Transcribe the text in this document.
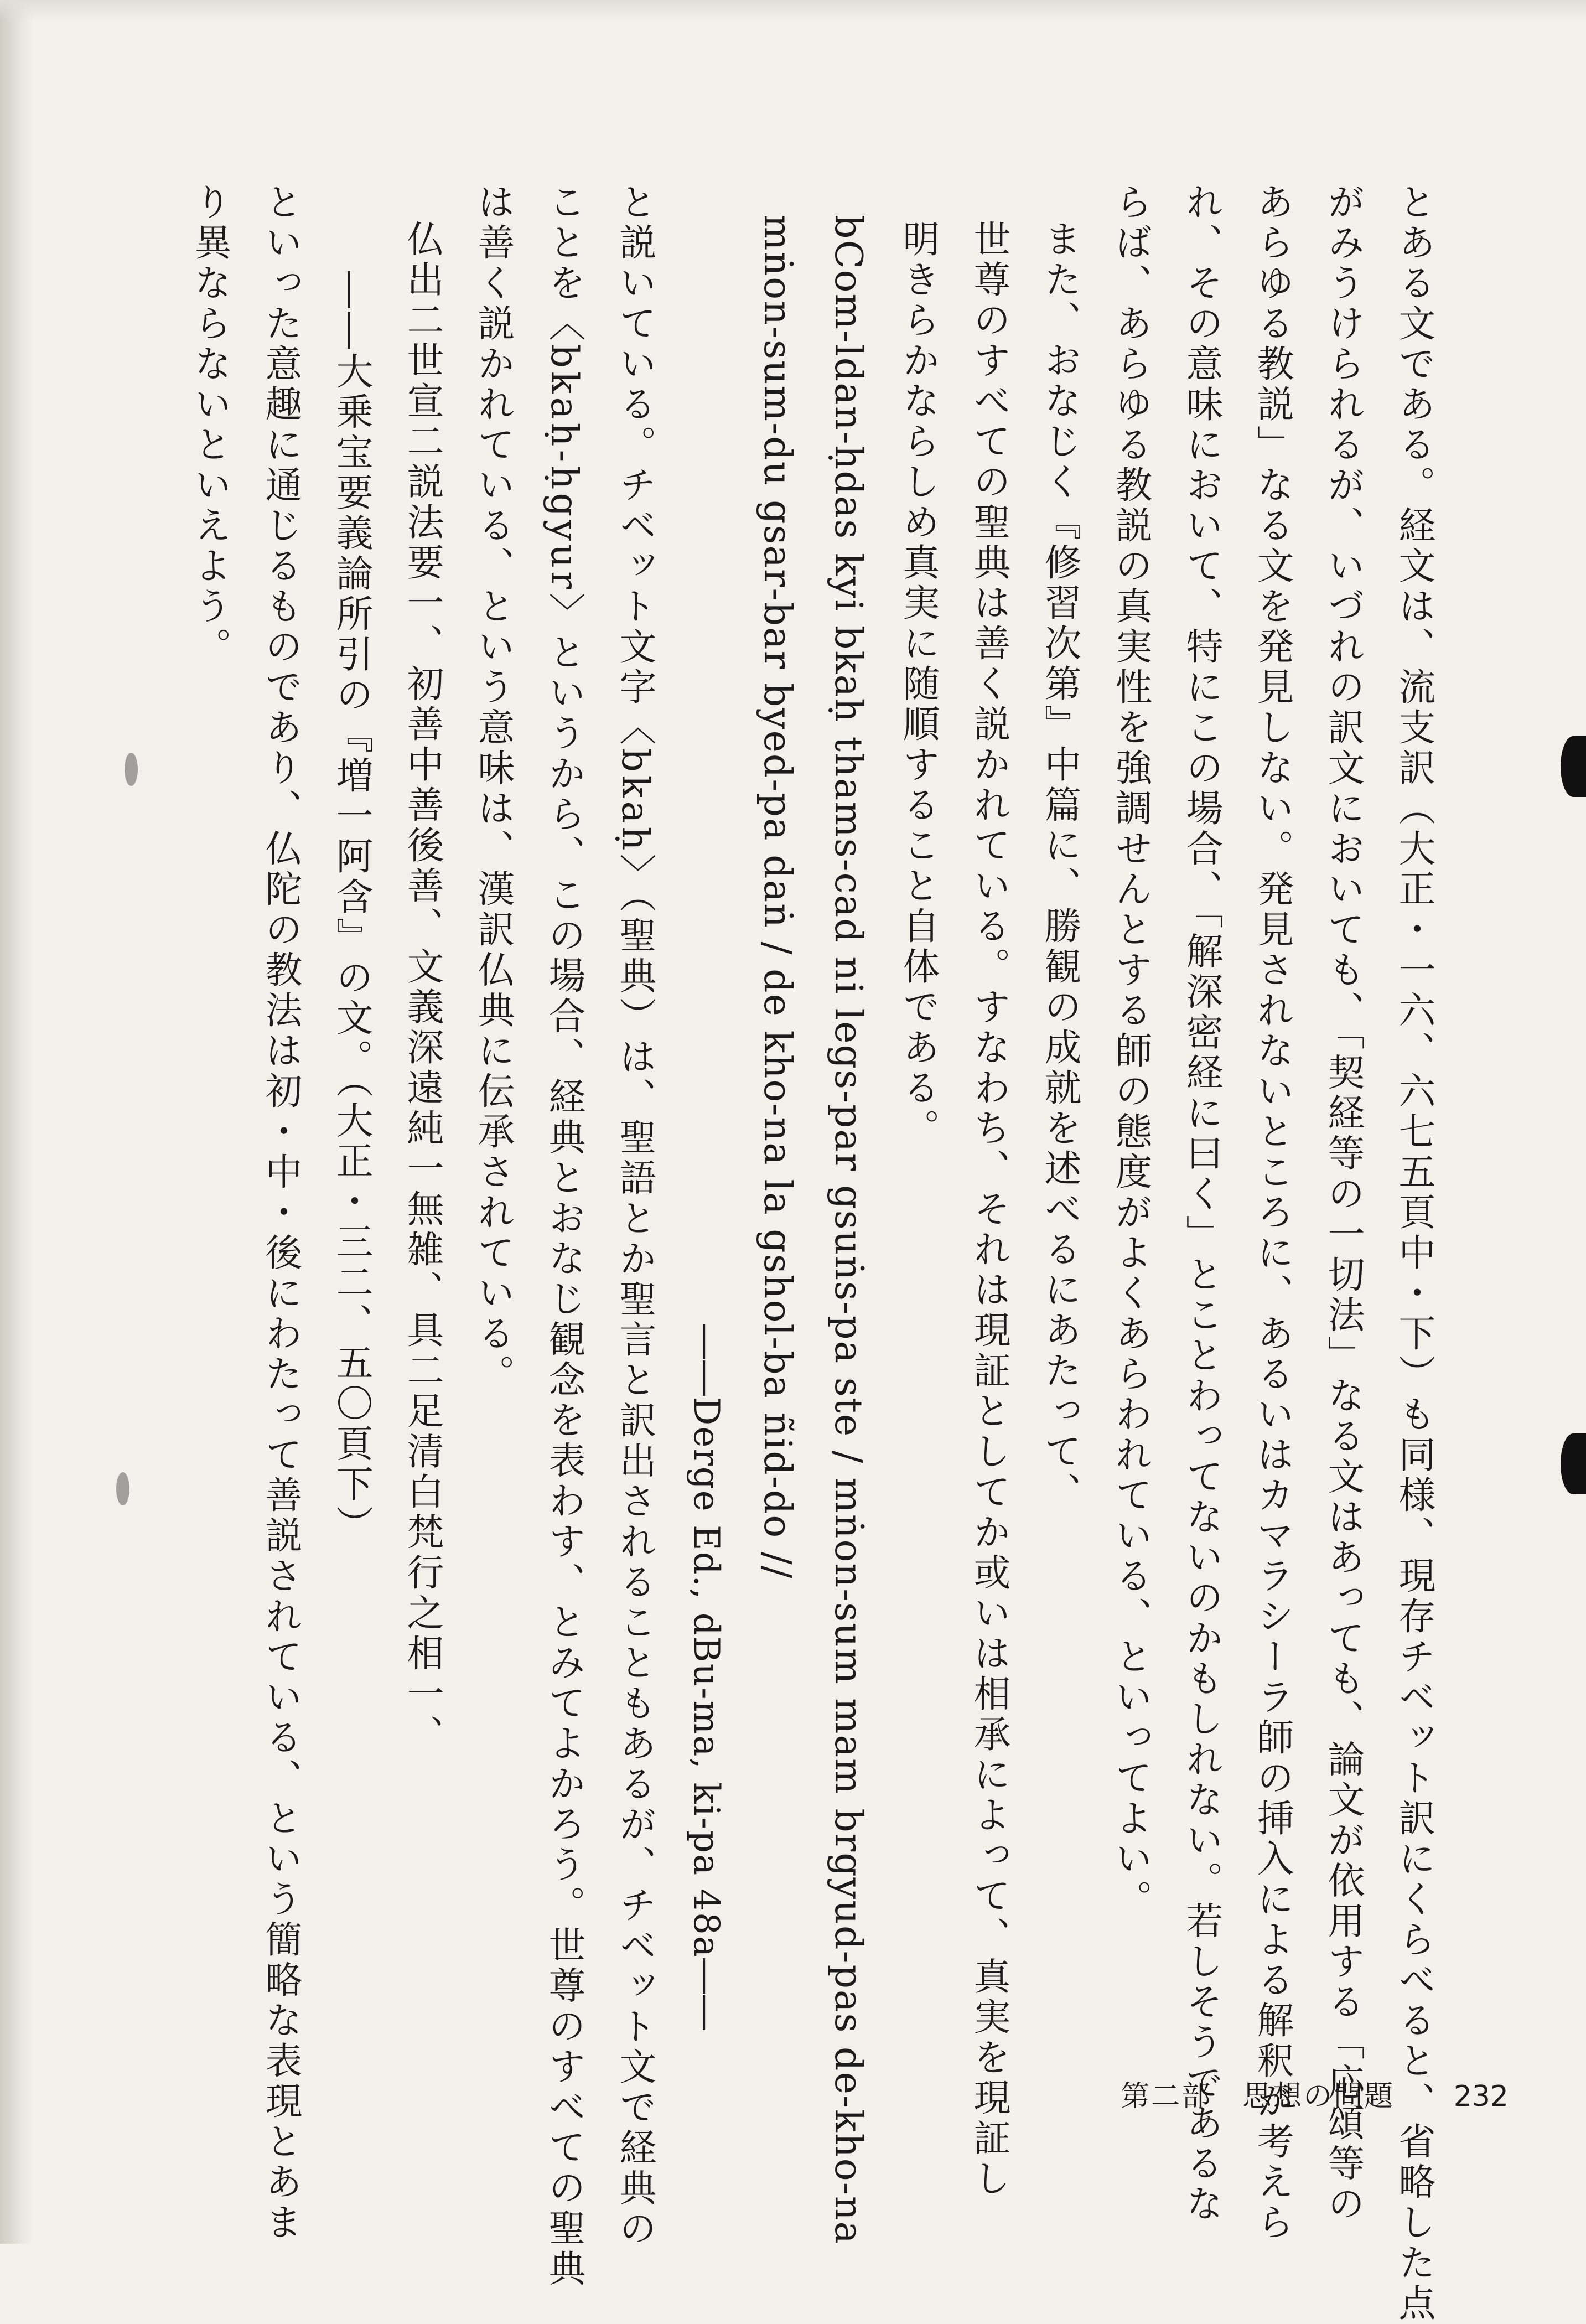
とある文である。経文は、流支訳（大正・一六、六七五頁中・下）も同様、現存チベット訳にくらべると、省略した点
がみうけられるが、いづれの訳文においても、「契経等の一切法」なる文はあっても、論文が依用する「応頌等の
あらゆる教説」なる文を発見しない。発見されないところに、あるいはカマラシーラ師の挿入による解釈が考えら
れ、その意味において、特にこの場合、「解深密経に曰く」とことわってないのかもしれない。若しそうであるな
らば、あらゆる教説の真実性を強調せんとする師の態度がよくあらわれている、といってよい。
また、おなじく『修習次第』中篇に、勝観の成就を述べるにあたって、
世尊のすべての聖典は善く説かれている。すなわち、それは現証としてか或いは相承によって、真実を現証し
明きらかならしめ真実に随順すること自体である。
bCom-ldan-ḥdas kyi bkaḥ thams-cad ni legs-par gsuṅs-pa ste / mṅon-sum mam brgyud-pas de-kho-na
mṅon-sum-du gsar-bar byed-pa daṅ / de kho-na la gshol-ba ñid-do //
――Derge Ed., dBu-ma, ki-pa 48a――
と説いている。チベット文字〈bkaḥ〉（聖典）は、聖語とか聖言と訳出されることもあるが、チベット文で経典の
ことを〈bkaḥ-ḥgyur〉というから、この場合、経典とおなじ観念を表わす、とみてよかろう。世尊のすべての聖典
は善く説かれている、という意味は、漢訳仏典に伝承されている。
仏出二世宣二説法要一、初善中善後善、文義深遠純一無雑、具二足清白梵行之相一、
――大乗宝要義論所引の『増一阿含』の文。（大正・三二、五〇頁下）
といった意趣に通じるものであり、仏陀の教法は初・中・後にわたって善説されている、という簡略な表現とあま
り異ならないといえよう。
第二部　思想の問題 232
